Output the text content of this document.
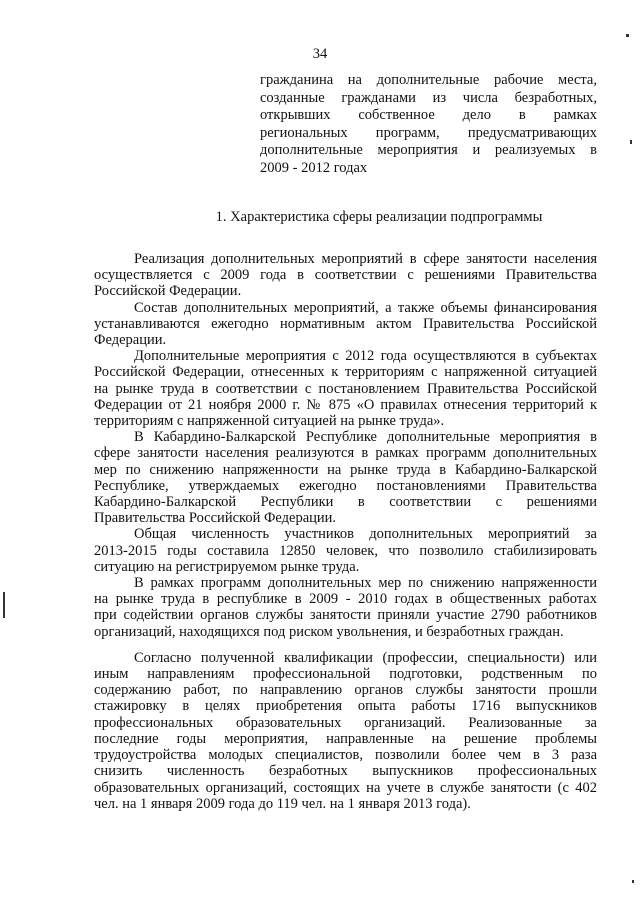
34
гражданина на дополнительные рабочие места,
созданные гражданами из числа безработных,
открывших собственное дело в рамках
региональных программ, предусматривающих
дополнительные мероприятия и реализуемых в
2009 - 2012 годах
1. Характеристика сферы реализации подпрограммы
Реализация дополнительных мероприятий в сфере занятости населения
осуществляется с 2009 года в соответствии с решениями Правительства
Российской Федерации.
Состав дополнительных мероприятий, а также объемы финансирования
устанавливаются ежегодно нормативным актом Правительства Российской
Федерации.
Дополнительные мероприятия с 2012 года осуществляются в субъектах
Российской Федерации, отнесенных к территориям с напряженной ситуацией
на рынке труда в соответствии с постановлением Правительства Российской
Федерации от 21 ноября 2000 г. № 875 «О правилах отнесения территорий к
территориям с напряженной ситуацией на рынке труда».
В Кабардино-Балкарской Республике дополнительные мероприятия в
сфере занятости населения реализуются в рамках программ дополнительных
мер по снижению напряженности на рынке труда в Кабардино-Балкарской
Республике, утверждаемых ежегодно постановлениями Правительства
Кабардино-Балкарской Республики в соответствии с решениями
Правительства Российской Федерации.
Общая численность участников дополнительных мероприятий за
2013-2015 годы составила 12850 человек, что позволило стабилизировать
ситуацию на регистрируемом рынке труда.
В рамках программ дополнительных мер по снижению напряженности
на рынке труда в республике в 2009 - 2010 годах в общественных работах
при содействии органов службы занятости приняли участие 2790 работников
организаций, находящихся под риском увольнения, и безработных граждан.
Согласно полученной квалификации (профессии, специальности) или
иным направлениям профессиональной подготовки, родственным по
содержанию работ, по направлению органов службы занятости прошли
стажировку в целях приобретения опыта работы 1716 выпускников
профессиональных образовательных организаций. Реализованные за
последние годы мероприятия, направленные на решение проблемы
трудоустройства молодых специалистов, позволили более чем в 3 раза
снизить численность безработных выпускников профессиональных
образовательных организаций, состоящих на учете в службе занятости (с 402
чел. на 1 января 2009 года до 119 чел. на 1 января 2013 года).
